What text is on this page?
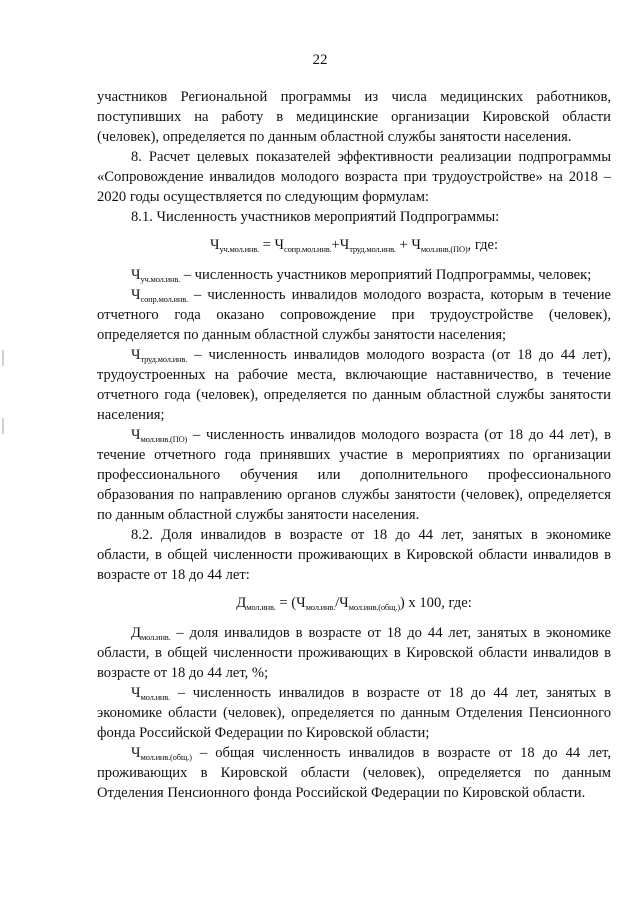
22

участников Региональной программы из числа медицинских работников, поступивших на работу в медицинские организации Кировской области (человек), определяется по данным областной службы занятости населения.

8. Расчет целевых показателей эффективности реализации подпрограммы «Сопровождение инвалидов молодого возраста при трудоустройстве» на 2018 – 2020 годы осуществляется по следующим формулам:

8.1. Численность участников мероприятий Подпрограммы:

$Ч_{уч.мол.инв.} = Ч_{сопр.мол.инв.}+Ч_{труд.мол.инв.} + Ч_{мол.инв.(ПО)}$, где:

$Ч_{уч.мол.инв.}$ – численность участников мероприятий Подпрограммы, человек;

$Ч_{сопр.мол.инв.}$ – численность инвалидов молодого возраста, которым в течение отчетного года оказано сопровождение при трудоустройстве (человек), определяется по данным областной службы занятости населения;

$Ч_{труд.мол.инв.}$ – численность инвалидов молодого возраста (от 18 до 44 лет), трудоустроенных на рабочие места, включающие наставничество, в течение отчетного года (человек), определяется по данным областной службы занятости населения;

$Ч_{мол.инв.(ПО)}$ – численность инвалидов молодого возраста (от 18 до 44 лет), в течение отчетного года принявших участие в мероприятиях по организации профессионального обучения или дополнительного профессионального образования по направлению органов службы занятости (человек), определяется по данным областной службы занятости населения.

8.2. Доля инвалидов в возрасте от 18 до 44 лет, занятых в экономике области, в общей численности проживающих в Кировской области инвалидов в возрасте от 18 до 44 лет:

$Д_{мол.инв.} = (Ч_{мол.инв.}/Ч_{мол.инв.(общ.)})$ x 100, где:

$Д_{мол.инв.}$ – доля инвалидов в возрасте от 18 до 44 лет, занятых в экономике области, в общей численности проживающих в Кировской области инвалидов в возрасте от 18 до 44 лет, %;

$Ч_{мол.инв.}$ – численность инвалидов в возрасте от 18 до 44 лет, занятых в экономике области (человек), определяется по данным Отделения Пенсионного фонда Российской Федерации по Кировской области;

$Ч_{мол.инв.(общ.)}$ – общая численность инвалидов в возрасте от 18 до 44 лет, проживающих в Кировской области (человек), определяется по данным Отделения Пенсионного фонда Российской Федерации по Кировской области.
